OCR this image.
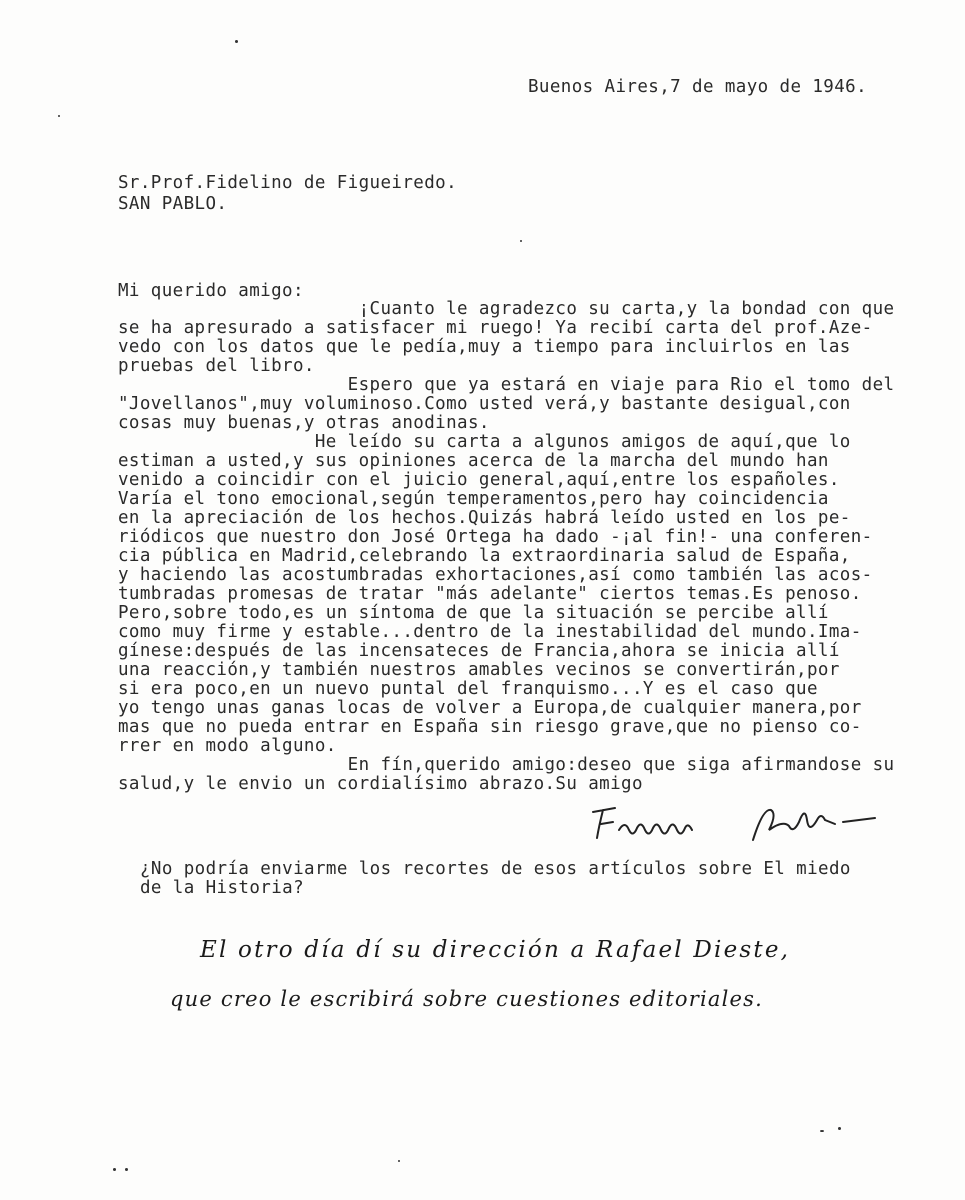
Buenos Aires,7 de mayo de 1946.
Sr.Prof.Fidelino de Figueiredo.
SAN PABLO.
Mi querido amigo:
¡Cuanto le agradezco su carta,y la bondad con que
se ha apresurado a satisfacer mi ruego! Ya recibí carta del prof.Aze-
vedo con los datos que le pedía,muy a tiempo para incluirlos en las
pruebas del libro.
Espero que ya estará en viaje para Rio el tomo del
"Jovellanos",muy voluminoso.Como usted verá,y bastante desigual,con
cosas muy buenas,y otras anodinas.
He leído su carta a algunos amigos de aquí,que lo
estiman a usted,y sus opiniones acerca de la marcha del mundo han
venido a coincidir con el juicio general,aquí,entre los españoles.
Varía el tono emocional,según temperamentos,pero hay coincidencia
en la apreciación de los hechos.Quizás habrá leído usted en los pe-
riódicos que nuestro don José Ortega ha dado -¡al fin!- una conferen-
cia pública en Madrid,celebrando la extraordinaria salud de España,
y haciendo las acostumbradas exhortaciones,así como también las acos-
tumbradas promesas de tratar "más adelante" ciertos temas.Es penoso.
Pero,sobre todo,es un síntoma de que la situación se percibe allí
como muy firme y estable...dentro de la inestabilidad del mundo.Ima-
gínese:después de las incensateces de Francia,ahora se inicia allí
una reacción,y también nuestros amables vecinos se convertirán,por
si era poco,en un nuevo puntal del franquismo...Y es el caso que
yo tengo unas ganas locas de volver a Europa,de cualquier manera,por
mas que no pueda entrar en España sin riesgo grave,que no pienso co-
rrer en modo alguno.
En fín,querido amigo:deseo que siga afirmandose su
salud,y le envio un cordialísimo abrazo.Su amigo
¿No podría enviarme los recortes de esos artículos sobre El miedo
de la Historia?
El otro día dí su dirección a Rafael Dieste,
que creo le escribirá sobre cuestiones editoriales.
